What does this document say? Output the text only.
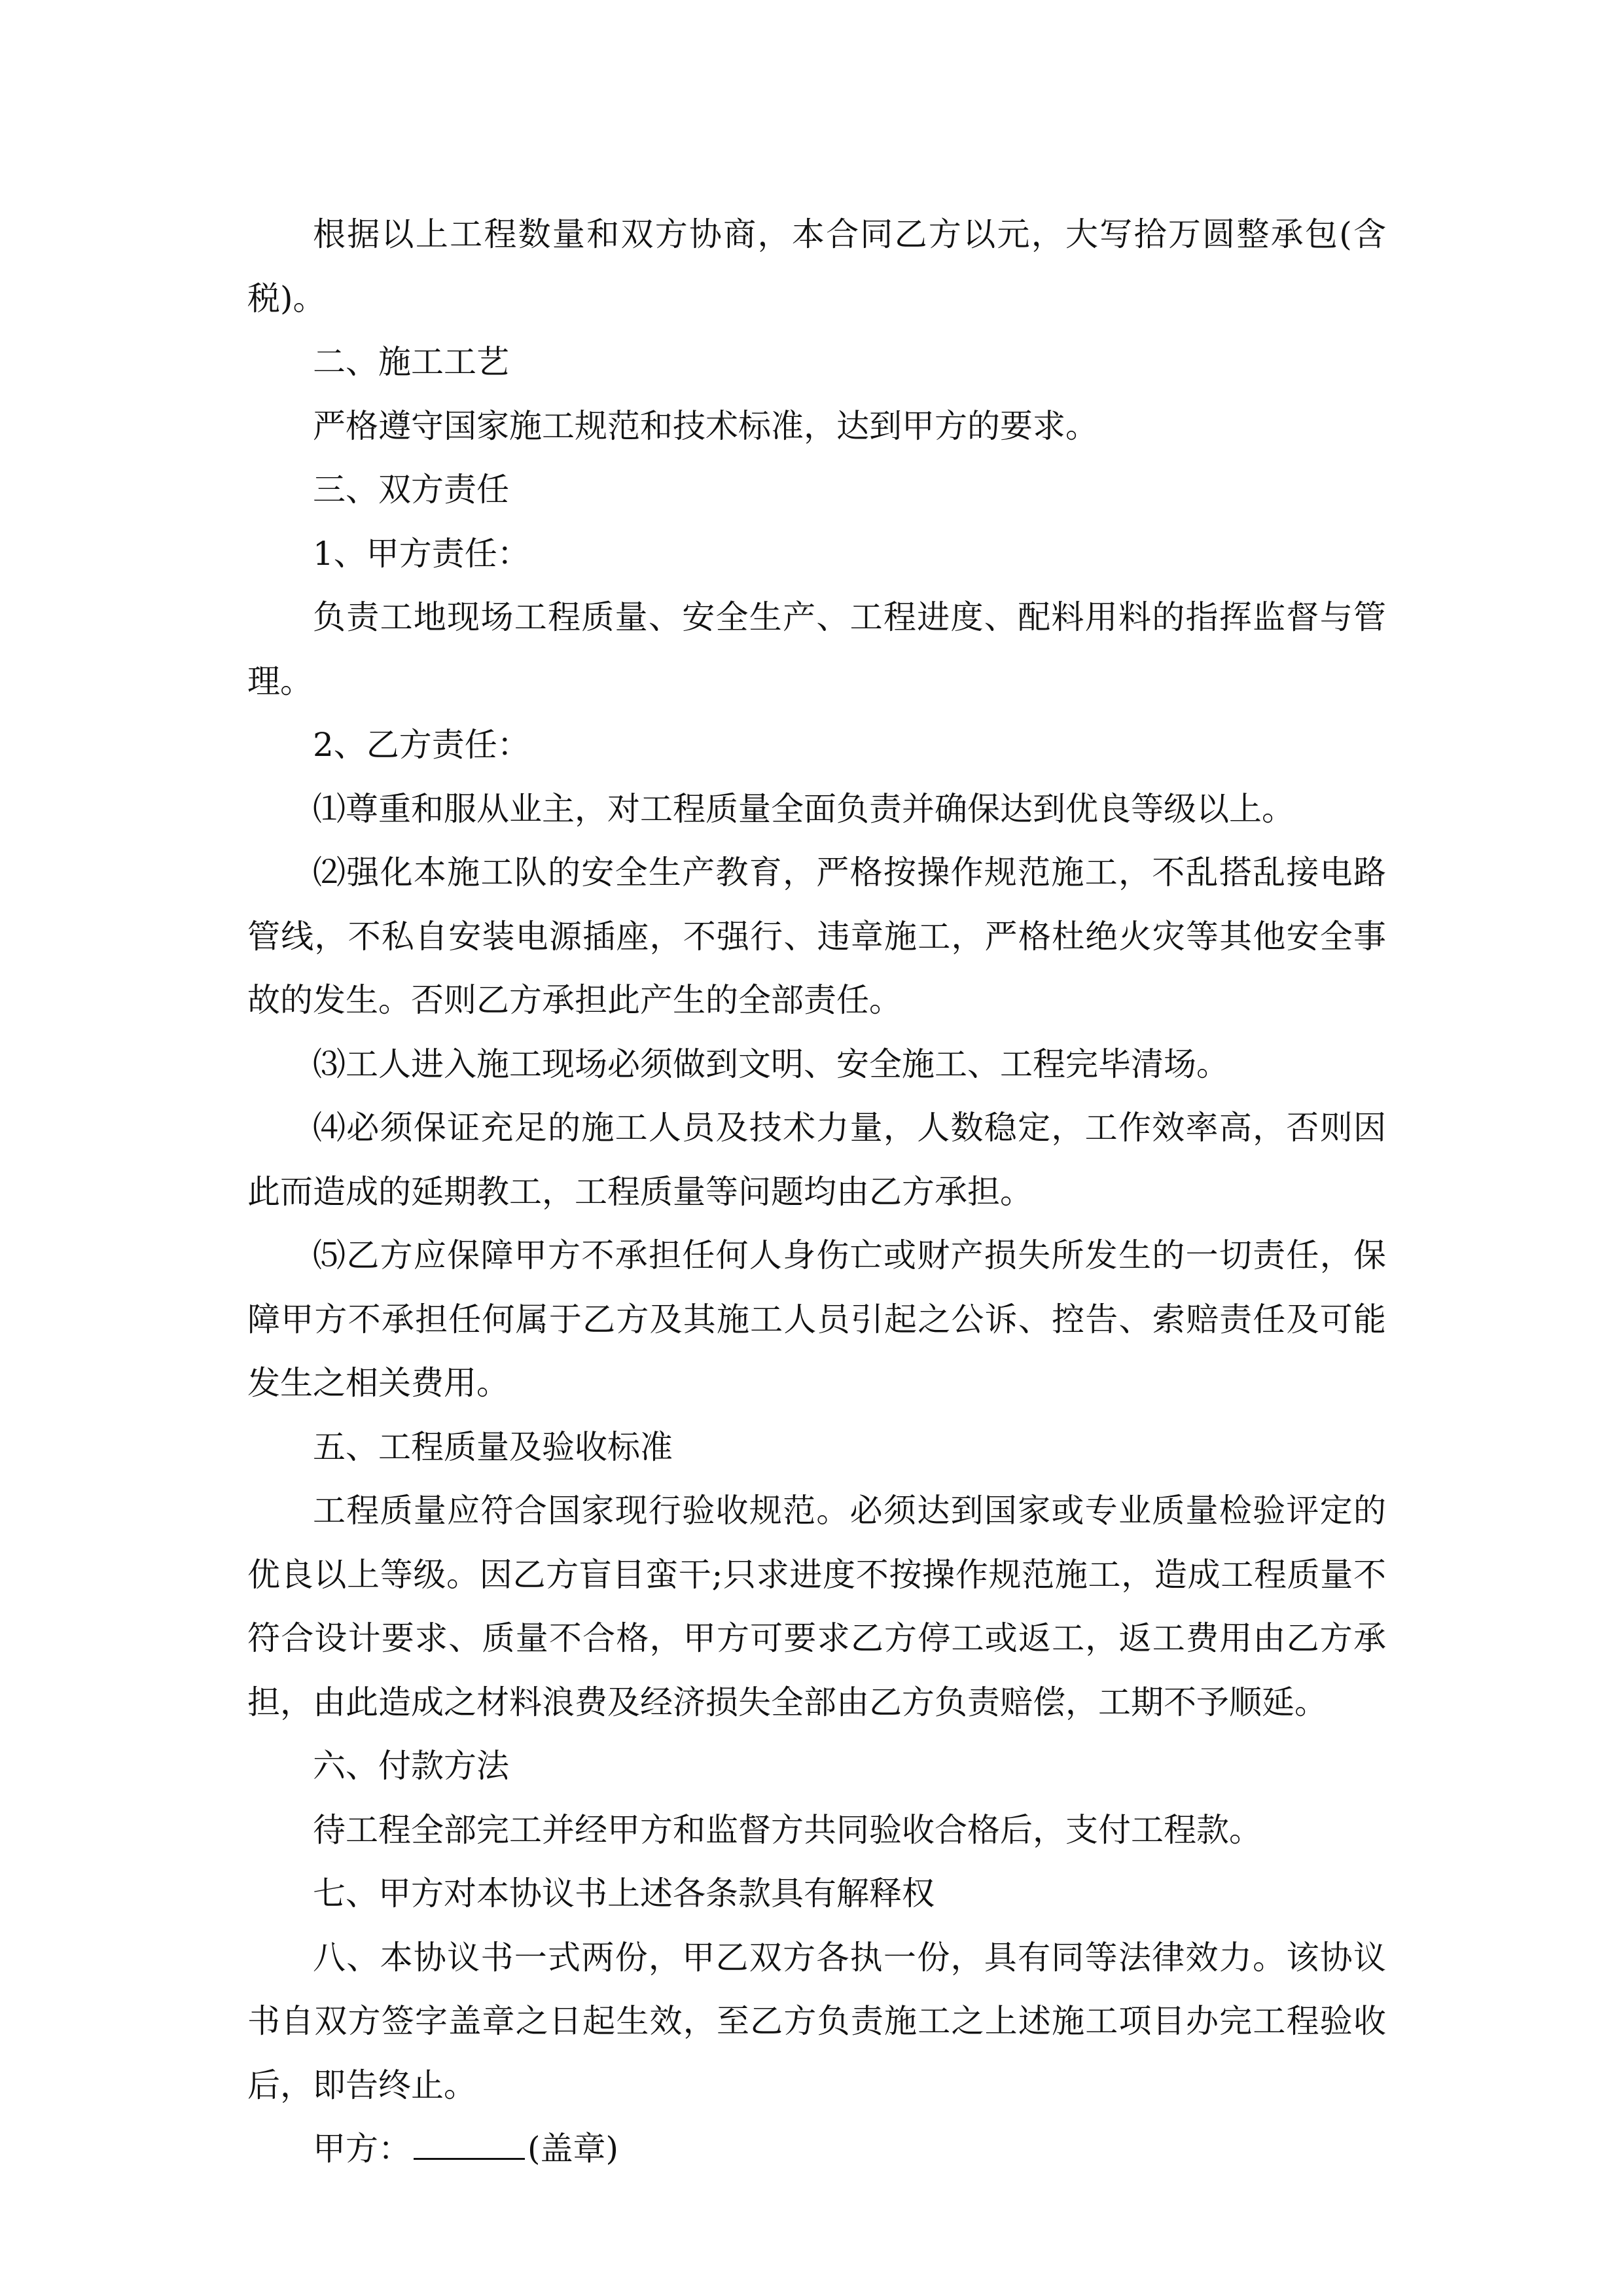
根据以上工程数量和双方协商，本合同乙方以元，大写拾万圆整承包(含税)。

二、施工工艺

严格遵守国家施工规范和技术标准，达到甲方的要求。

三、双方责任

1、甲方责任：

负责工地现场工程质量、安全生产、工程进度、配料用料的指挥监督与管理。

2、乙方责任：

⑴尊重和服从业主，对工程质量全面负责并确保达到优良等级以上。

⑵强化本施工队的安全生产教育，严格按操作规范施工，不乱搭乱接电路管线，不私自安装电源插座，不强行、违章施工，严格杜绝火灾等其他安全事故的发生。否则乙方承担此产生的全部责任。

⑶工人进入施工现场必须做到文明、安全施工、工程完毕清场。

⑷必须保证充足的施工人员及技术力量，人数稳定，工作效率高，否则因此而造成的延期教工，工程质量等问题均由乙方承担。

⑸乙方应保障甲方不承担任何人身伤亡或财产损失所发生的一切责任，保障甲方不承担任何属于乙方及其施工人员引起之公诉、控告、索赔责任及可能发生之相关费用。

五、工程质量及验收标准

工程质量应符合国家现行验收规范。必须达到国家或专业质量检验评定的优良以上等级。因乙方盲目蛮干;只求进度不按操作规范施工，造成工程质量不符合设计要求、质量不合格，甲方可要求乙方停工或返工，返工费用由乙方承担，由此造成之材料浪费及经济损失全部由乙方负责赔偿，工期不予顺延。

六、付款方法

待工程全部完工并经甲方和监督方共同验收合格后，支付工程款。

七、甲方对本协议书上述各条款具有解释权

八、本协议书一式两份，甲乙双方各执一份，具有同等法律效力。该协议书自双方签字盖章之日起生效，至乙方负责施工之上述施工项目办完工程验收后，即告终止。

甲方：	(盖章)
